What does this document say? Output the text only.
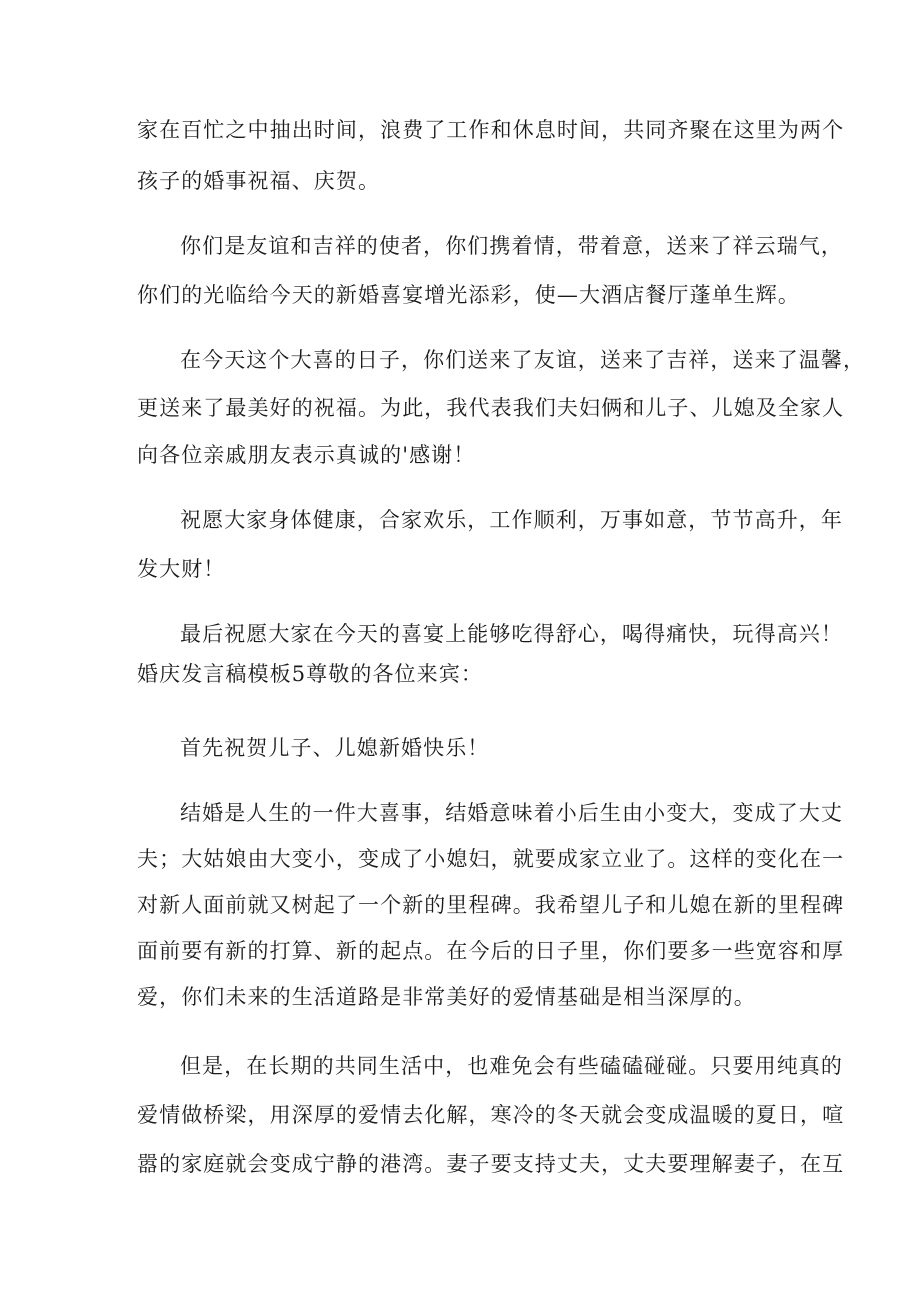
家在百忙之中抽出时间，浪费了工作和休息时间，共同齐聚在这里为两个
孩子的婚事祝福、庆贺。
你们是友谊和吉祥的使者，你们携着情，带着意，送来了祥云瑞气，
你们的光临给今天的新婚喜宴增光添彩，使—大酒店餐厅蓬单生辉。
在今天这个大喜的日子，你们送来了友谊，送来了吉祥，送来了温馨，
更送来了最美好的祝福。为此，我代表我们夫妇俩和儿子、儿媳及全家人
向各位亲戚朋友表示真诚的'感谢！
祝愿大家身体健康，合家欢乐，工作顺利，万事如意，节节高升，年
发大财！
最后祝愿大家在今天的喜宴上能够吃得舒心，喝得痛快，玩得高兴！
婚庆发言稿模板5尊敬的各位来宾：
首先祝贺儿子、儿媳新婚快乐！
结婚是人生的一件大喜事，结婚意味着小后生由小变大，变成了大丈
夫；大姑娘由大变小，变成了小媳妇，就要成家立业了。这样的变化在一
对新人面前就又树起了一个新的里程碑。我希望儿子和儿媳在新的里程碑
面前要有新的打算、新的起点。在今后的日子里，你们要多一些宽容和厚
爱，你们未来的生活道路是非常美好的爱情基础是相当深厚的。
但是，在长期的共同生活中，也难免会有些磕磕碰碰。只要用纯真的
爱情做桥梁，用深厚的爱情去化解，寒冷的冬天就会变成温暖的夏日，喧
嚣的家庭就会变成宁静的港湾。妻子要支持丈夫，丈夫要理解妻子，在互
